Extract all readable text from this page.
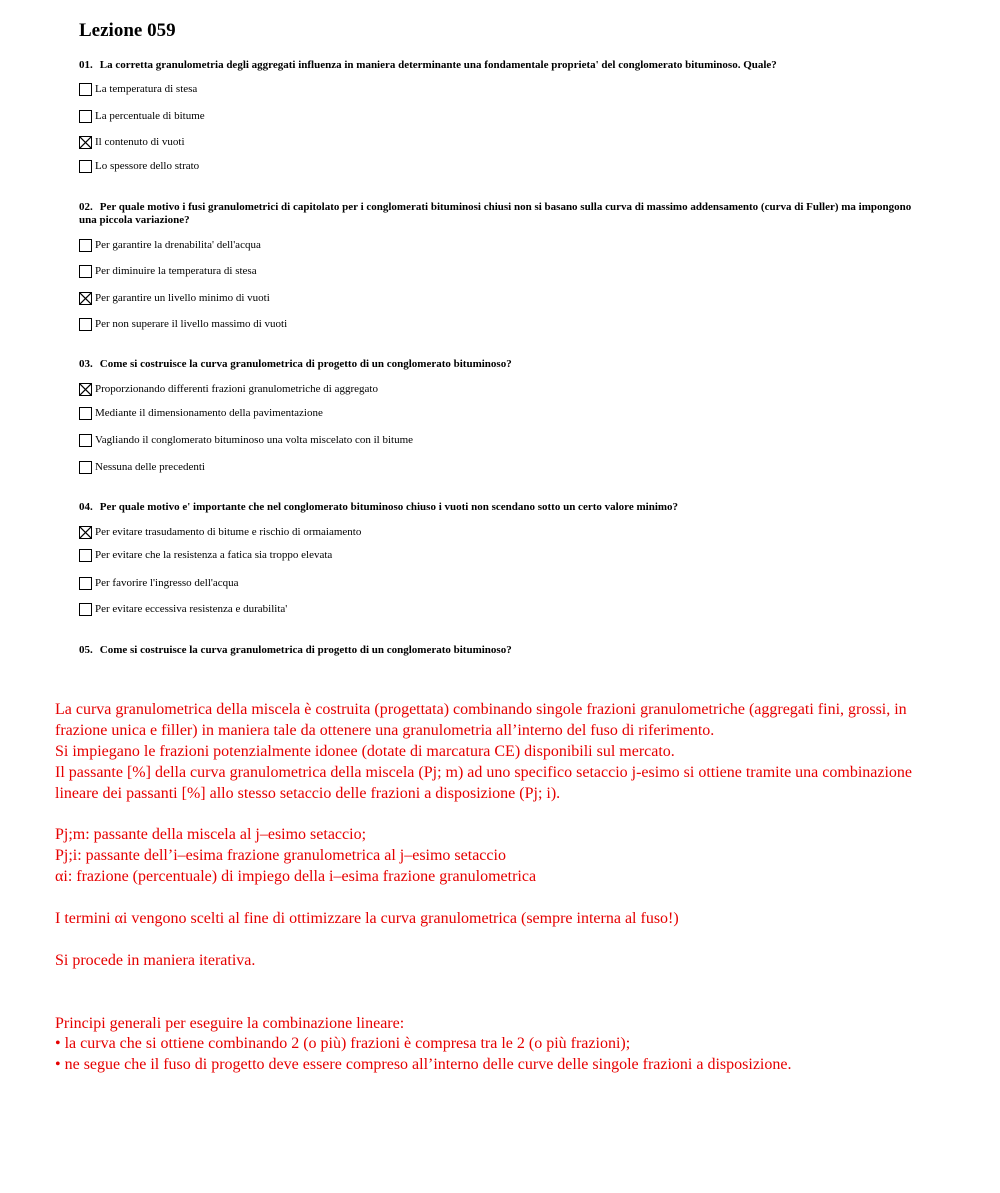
Lezione 059
01. La corretta granulometria degli aggregati influenza in maniera determinante una fondamentale proprieta' del conglomerato bituminoso. Quale?
La temperatura di stesa
La percentuale di bitume
Il contenuto di vuoti
Lo spessore dello strato
02. Per quale motivo i fusi granulometrici di capitolato per i conglomerati bituminosi chiusi non si basano sulla curva di massimo addensamento (curva di Fuller) ma impongono una piccola variazione?
Per garantire la drenabilita' dell'acqua
Per diminuire la temperatura di stesa
Per garantire un livello minimo di vuoti
Per non superare il livello massimo di vuoti
03. Come si costruisce la curva granulometrica di progetto di un conglomerato bituminoso?
Proporzionando differenti frazioni granulometriche di aggregato
Mediante il dimensionamento della pavimentazione
Vagliando il conglomerato bituminoso una volta miscelato con il bitume
Nessuna delle precedenti
04. Per quale motivo e' importante che nel conglomerato bituminoso chiuso i vuoti non scendano sotto un certo valore minimo?
Per evitare trasudamento di bitume e rischio di ormaiamento
Per evitare che la resistenza a fatica sia troppo elevata
Per favorire l'ingresso dell'acqua
Per evitare eccessiva resistenza e durabilita'
05. Come si costruisce la curva granulometrica di progetto di un conglomerato bituminoso?

La curva granulometrica della miscela è costruita (progettata) combinando singole frazioni granulometriche (aggregati fini, grossi, in frazione unica e filler) in maniera tale da ottenere una granulometria all’interno del fuso di riferimento.

Si impiegano le frazioni potenzialmente idonee (dotate di marcatura CE) disponibili sul mercato.

Il passante [%] della curva granulometrica della miscela (Pj; m) ad uno specifico setaccio j-esimo si ottiene tramite una combinazione lineare dei passanti [%] allo stesso setaccio delle frazioni a disposizione (Pj; i).

Pj;m: passante della miscela al j–esimo setaccio;

Pj;i: passante dell’i–esima frazione granulometrica al j–esimo setaccio

αi: frazione (percentuale) di impiego della i–esima frazione granulometrica

I termini αi vengono scelti al fine di ottimizzare la curva granulometrica (sempre interna al fuso!)

Si procede in maniera iterativa.

Principi generali per eseguire la combinazione lineare:

• la curva che si ottiene combinando 2 (o più) frazioni è compresa tra le 2 (o più frazioni);

• ne segue che il fuso di progetto deve essere compreso all’interno delle curve delle singole frazioni a disposizione.
